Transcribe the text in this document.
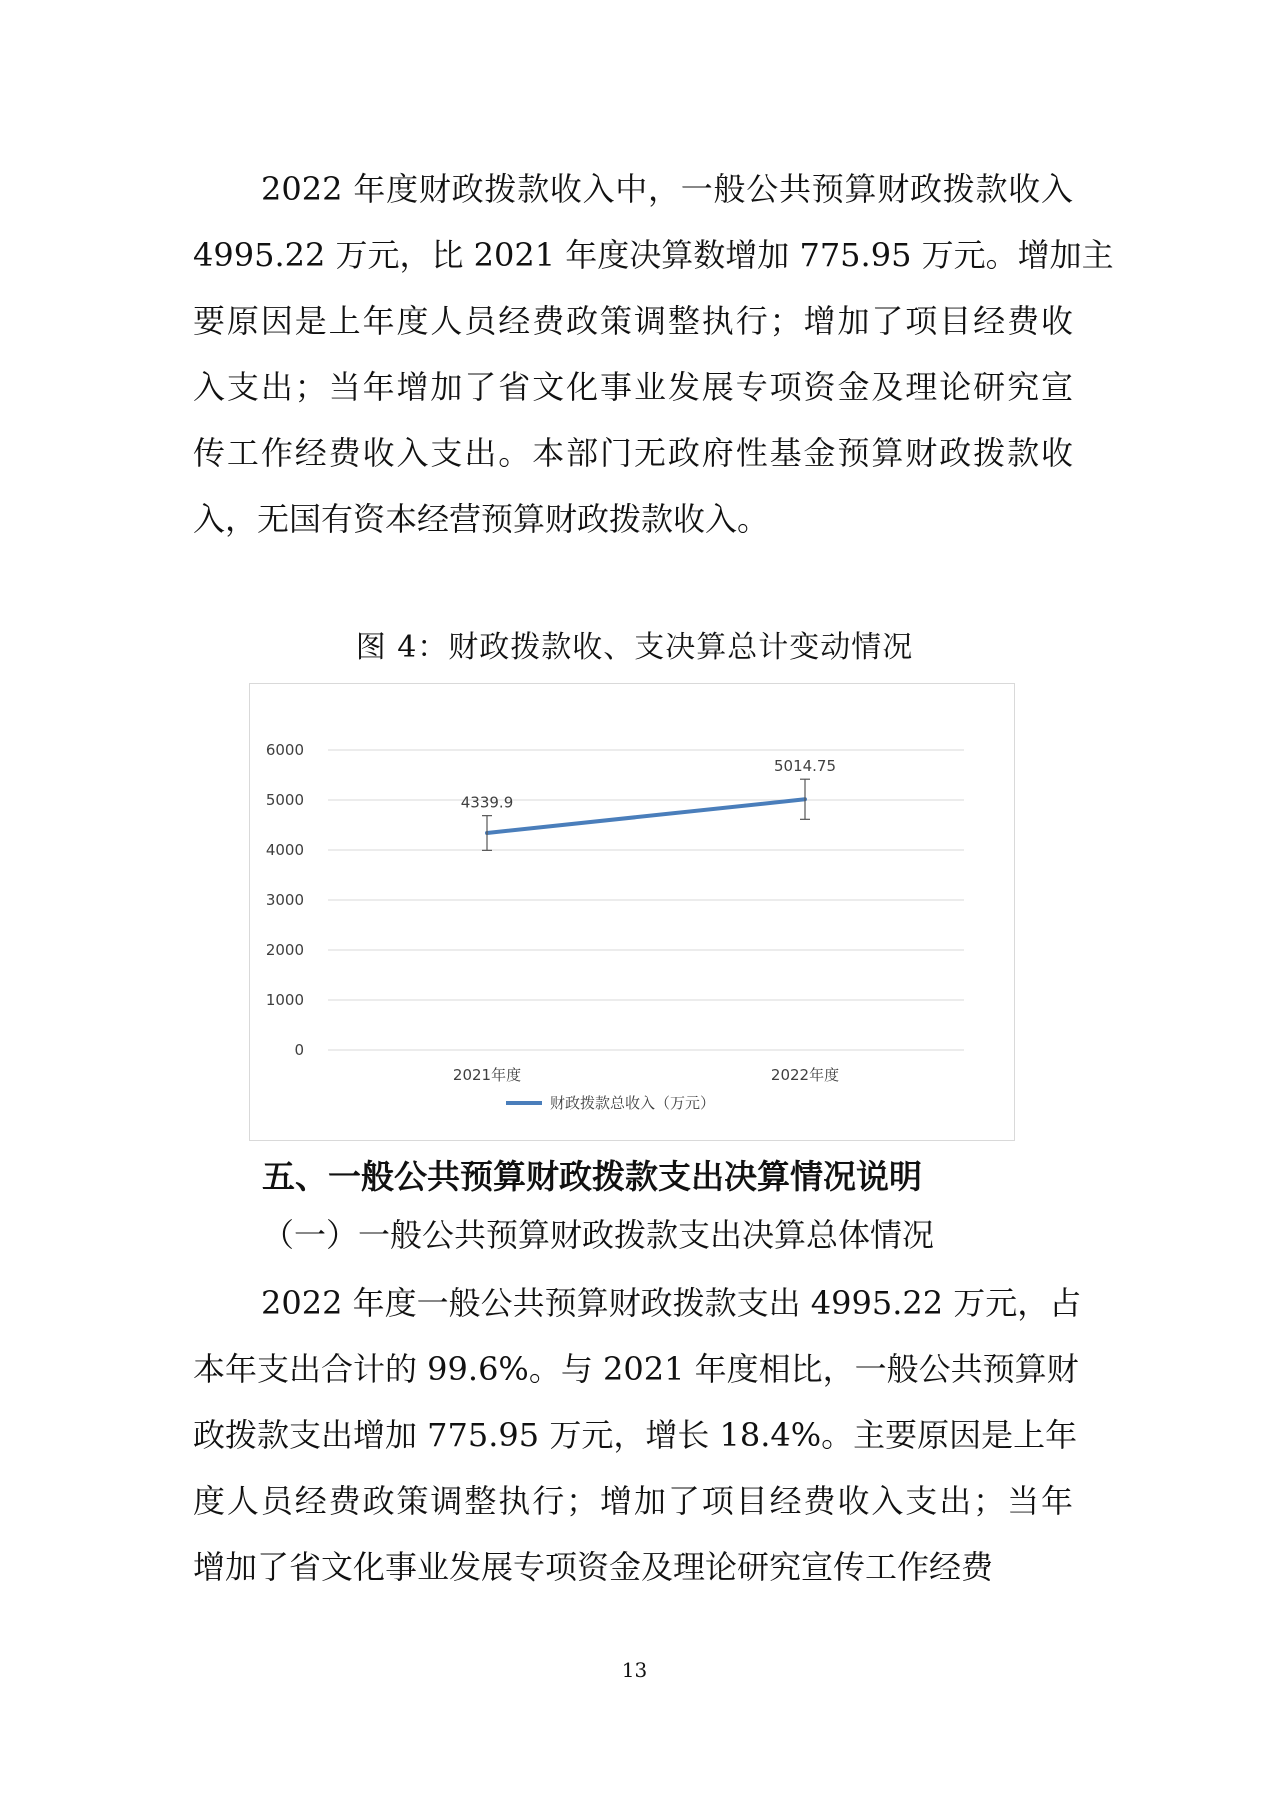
2022 年度财政拨款收入中，一般公共预算财政拨款收入
4995.22 万元，比 2021 年度决算数增加 775.95 万元。增加主
要原因是上年度人员经费政策调整执行；增加了项目经费收
入支出；当年增加了省文化事业发展专项资金及理论研究宣
传工作经费收入支出。本部门无政府性基金预算财政拨款收
入，无国有资本经营预算财政拨款收入。
图 4：财政拨款收、支决算总计变动情况
0
1000
2000
3000
4000
5000
6000
2021年度	2022年度
4339.9
5014.75
财政拨款总收入（万元）
五、一般公共预算财政拨款支出决算情况说明
（一）一般公共预算财政拨款支出决算总体情况
2022 年度一般公共预算财政拨款支出 4995.22 万元，占
本年支出合计的 99.6%。与 2021 年度相比，一般公共预算财
政拨款支出增加 775.95 万元，增长 18.4%。主要原因是上年
度人员经费政策调整执行；增加了项目经费收入支出；当年
增加了省文化事业发展专项资金及理论研究宣传工作经费
13
